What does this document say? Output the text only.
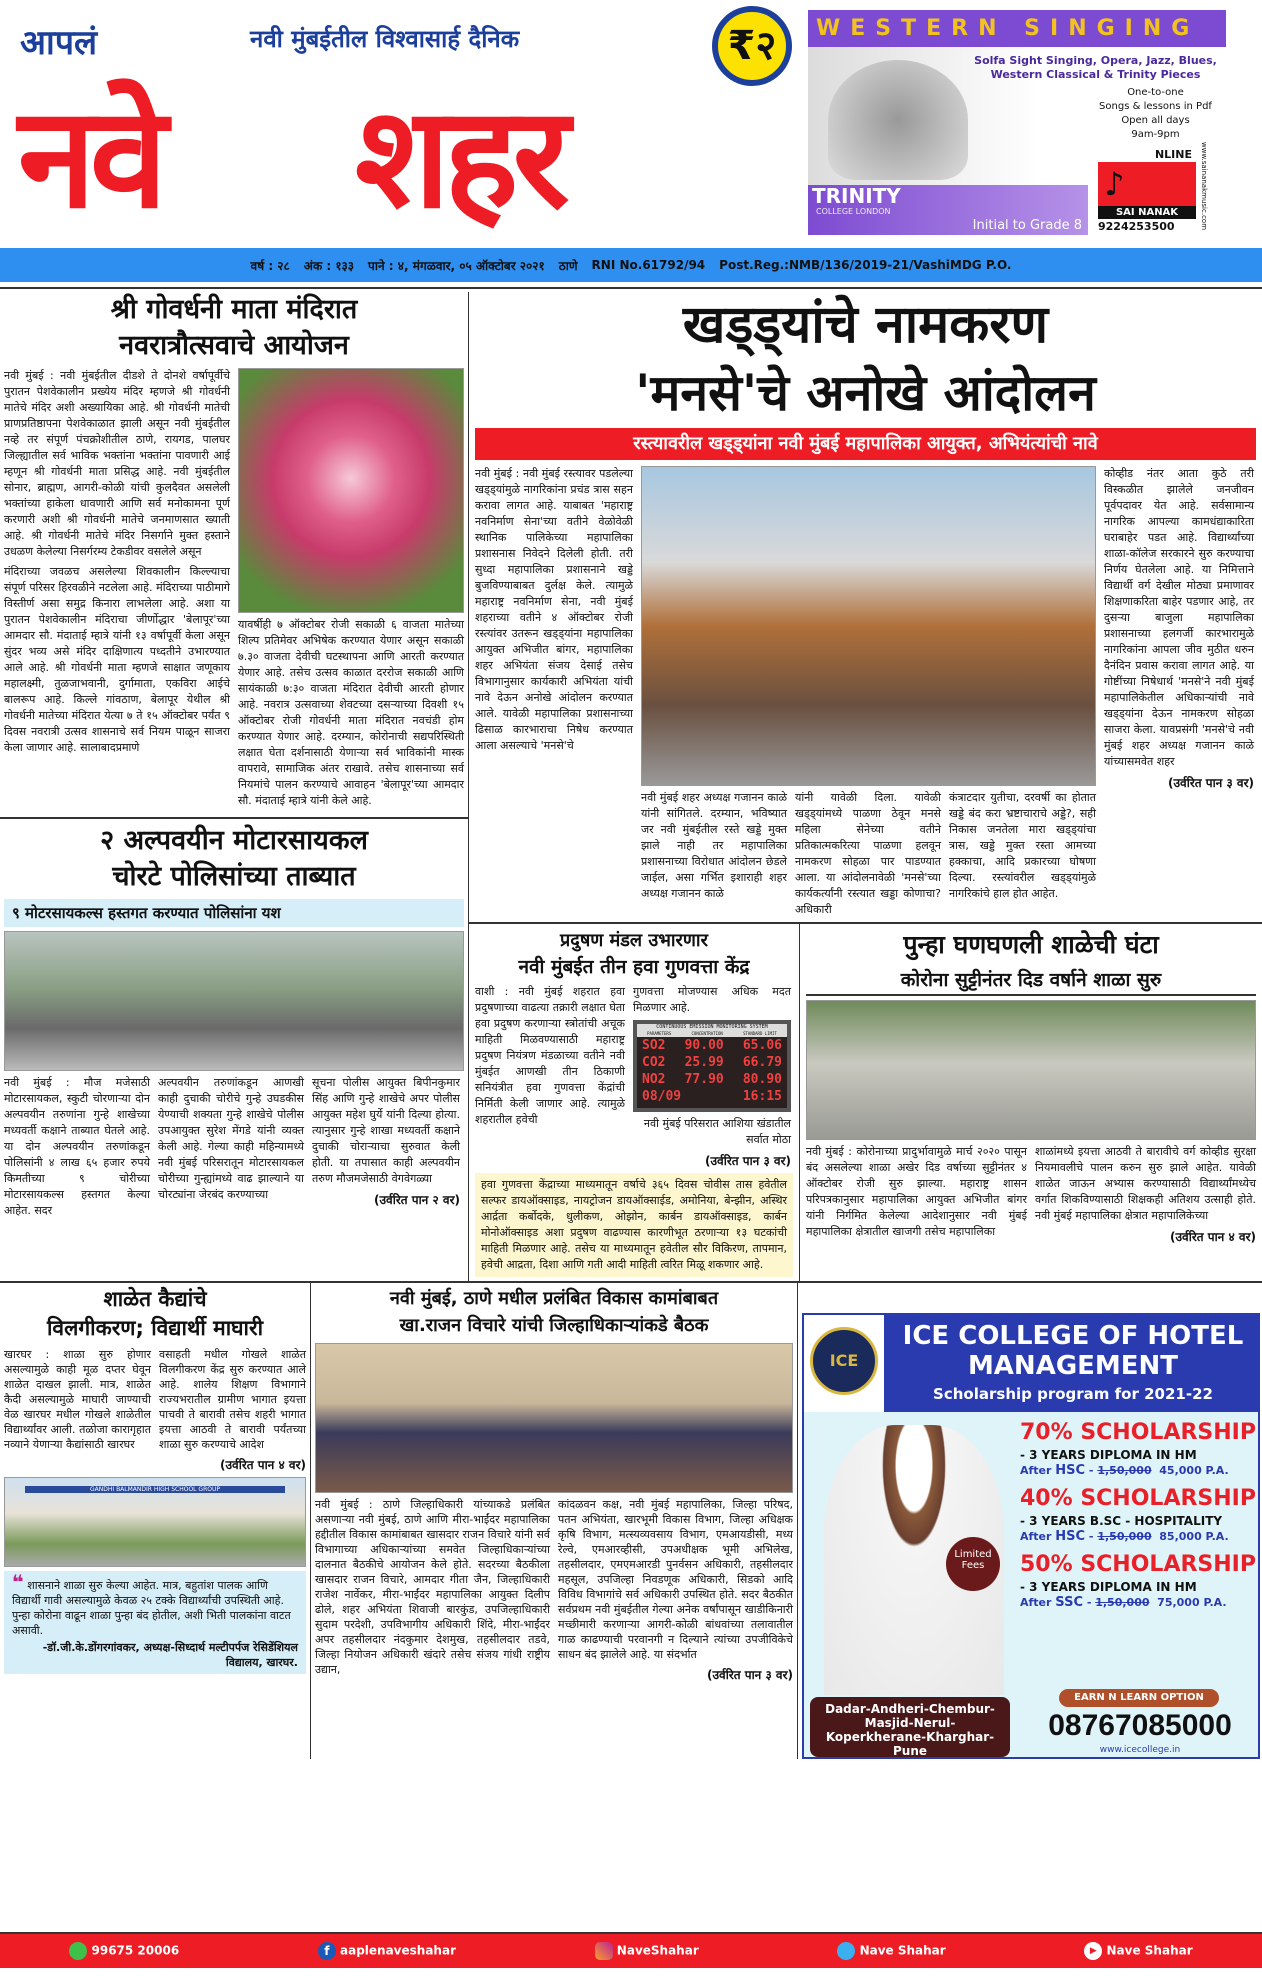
आपलं	नवी मुंबईतील विश्वासार्ह दैनिक	₹२
नवे शहर
WESTERN SINGING
Solfa Sight Singing, Opera, Jazz, Blues,
Western Classical & Trinity Pieces
One-to-one
Songs & lessons in Pdf
Open all days
9am-9pm
TRINITY
COLLEGE LONDON
Initial to Grade 8
NLINE
♪
SAI NANAK
9224253500	www.sainanakmusic.com
वर्ष : २८ अंक : १३३ पाने : ४, मंगळवार, ०५ ऑक्टोबर २०२१ ठाणे RNI No.61792/94 Post.Reg.:NMB/136/2019-21/VashiMDG P.O.
श्री गोवर्धनी माता मंदिरात
नवरात्रौत्सवाचे आयोजन
नवी मुंबई : नवी मुंबईतील दीडशे ते दोनशे वर्षापूर्वीचे पुरातन पेशवेकालीन प्रख्येय मंदिर म्हणजे श्री गोवर्धनी मातेचे मंदिर अशी अख्यायिका आहे. श्री गोवर्धनी मातेची प्राणप्रतिष्ठापना पेशवेकाळात झाली असून नवी मुंबईतील नव्हे तर संपूर्ण पंचक्रोशीतील ठाणे, रायगड, पालघर जिल्ह्यातील सर्व भाविक भक्तांना भक्तांना पावणारी आई म्हणून श्री गोवर्धनी माता प्रसिद्ध आहे. नवी मुंबईतील सोनार, ब्राह्मण, आगरी-कोळी यांची कुलदैवत असलेली भक्तांच्या हाकेला धावणारी आणि सर्व मनोकामना पूर्ण करणारी अशी श्री गोवर्धनी मातेचे जनमाणसात ख्याती आहे. श्री गोवर्धनी मातेचे मंदिर निसर्गाने मुक्त हस्ताने उधळण केलेल्या निसर्गरम्य टेकडीवर वसलेले असून
मंदिराच्या जवळच असलेल्या शिवकालीन किल्ल्याचा संपूर्ण परिसर हिरवळीने नटलेला आहे. मंदिराच्या पाठीमागे विस्तीर्ण असा समुद्र किनारा लाभलेला आहे. अशा या पुरातन पेशवेकालीन मंदिराचा जीर्णोद्धार 'बेलापूर'च्या आमदार सौ. मंदाताई म्हात्रे यांनी १३ वर्षापूर्वी केला असून सुंदर भव्य असे मंदिर दाक्षिणात्य पध्दतीने उभारण्यात आले आहे. श्री गोवर्धनी माता म्हणजे साक्षात जणूकाय महालक्ष्मी, तुळजाभवानी, दुर्गामाता, एकविरा आईचे बालरूप आहे. किल्ले गांवठाण, बेलापूर येथील श्री गोवर्धनी मातेच्या मंदिरात येत्या ७ ते १५ ऑक्टोबर पर्यंत ९ दिवस नवरात्री उत्सव शासनाचे सर्व नियम पाळून साजरा केला जाणार आहे. सालाबादप्रमाणे
यावर्षीही ७ ऑक्टोबर रोजी सकाळी ६ वाजता मातेच्या शिल्प प्रतिमेवर अभिषेक करण्यात येणार असून सकाळी ७.३० वाजता देवीची घटस्थापना आणि आरती करण्यात येणार आहे. तसेच उत्सव काळात दररोज सकाळी आणि सायंकाळी ७:३० वाजता मंदिरात देवीची आरती होणार आहे. नवरात्र उत्सवाच्या शेवटच्या दसऱ्याच्या दिवशी १५ ऑक्टोबर रोजी गोवर्धनी माता मंदिरात नवचंडी होम करण्यात येणार आहे. दरम्यान, कोरोनाची सद्यपरिस्थिती लक्षात घेता दर्शनासाठी येणाऱ्या सर्व भाविकांनी मास्क वापरावे, सामाजिक अंतर राखावे. तसेच शासनाच्या सर्व नियमांचे पालन करण्याचे आवाहन 'बेलापूर'च्या आमदार सौ. मंदाताई म्हात्रे यांनी केले आहे.
२ अल्पवयीन मोटारसायकल
चोरटे पोलिसांच्या ताब्यात
९ मोटरसायकल्स हस्तगत करण्यात पोलिसांना यश
नवी मुंबई : मौज मजेसाठी मोटारसायकल, स्कुटी चोरणाऱ्या दोन अल्पवयीन तरुणांना गुन्हे शाखेच्या मध्यवर्ती कक्षाने ताब्यात घेतले आहे. या दोन अल्पवयीन तरुणांकडून पोलिसांनी ४ लाख ६५ हजार रुपये किमतीच्या ९ चोरीच्या मोटारसायकल्स हस्तगत केल्या आहेत. सदर
अल्पवयीन तरुणांकडून आणखी काही दुचाकी चोरीचे गुन्हे उघडकीस येण्याची शक्यता गुन्हे शाखेचे पोलीस उपआयुक्त सुरेश मेंगडे यांनी व्यक्त केली आहे. गेल्या काही महिन्यामध्ये नवी मुंबई परिसरातून मोटारसायकल चोरीच्या गुन्ह्यांमध्ये वाढ झाल्याने या चोरट्यांना जेरबंद करण्याच्या
सूचना पोलीस आयुक्त बिपीनकुमार सिंह आणि गुन्हे शाखेचे अपर पोलीस आयुक्त महेश घुर्ये यांनी दिल्या होत्या. त्यानुसार गुन्हे शाखा मध्यवर्ती कक्षाने दुचाकी चोराऱ्याचा सुरुवात केली होती. या तपासात काही अल्पवयीन तरुण मौजमजेसाठी वेगवेगळ्या
(उर्वरित पान २ वर)
खड्ड्यांचे नामकरण
'मनसे'चे अनोखे आंदोलन
रस्त्यावरील खड्ड्यांना नवी मुंबई महापालिका आयुक्त, अभियंत्यांची नावे
नवी मुंबई : नवी मुंबई रस्त्यावर पडलेल्या खड्ड्यांमुळे नागरिकांना प्रचंड त्रास सहन करावा लागत आहे. याबाबत 'महाराष्ट्र नवनिर्माण सेना'च्या वतीने वेळोवेळी स्थानिक पालिकेच्या महापालिका प्रशासनास निवेदने दिलेली होती. तरी सुध्दा महापालिका प्रशासनाने खड्डे बुजविण्याबाबत दुर्लक्ष केले. त्यामुळे महाराष्ट्र नवनिर्माण सेना, नवी मुंबई शहराच्या वतीने ४ ऑक्टोबर रोजी रस्त्यांवर उतरून खड्ड्यांना महापालिका आयुक्त अभिजीत बांगर, महापालिका शहर अभियंता संजय देसाई तसेच विभागानुसार कार्यकारी अभियंता यांची नावे देऊन अनोखे आंदोलन करण्यात आले. यावेळी महापालिका प्रशासनाच्या ढिसाळ कारभाराचा निषेध करण्यात आला असल्याचे 'मनसे'चे
नवी मुंबई शहर अध्यक्ष गजानन काळे यांनी सांगितले. दरम्यान, भविष्यात जर नवी मुंबईतील रस्ते खड्डे मुक्त झाले नाही तर महापालिका प्रशासनाच्या विरोधात आंदोलन छेडले जाईल, असा गर्भित इशाराही शहर अध्यक्ष गजानन काळे
यांनी यावेळी दिला. यावेळी खड्ड्यांमध्ये पाळणा ठेवून मनसे महिला सेनेच्या वतीने प्रतिकात्मकरित्या पाळणा हलवून नामकरण सोहळा पार पाडण्यात आला. या आंदोलनावेळी 'मनसे'च्या कार्यकर्त्यांनी रस्त्यात खड्डा कोणाचा? अधिकारी
कंत्राटदार युतीचा, दरवर्षी का होतात खड्डे बंद करा भ्रष्टाचाराचे अड्डे?, सही निकास जनतेला मारा खड्ड्यांचा त्रास, खड्डे मुक्त रस्ता आमच्या हक्काचा, आदि प्रकारच्या घोषणा दिल्या. रस्त्यांवरील खड्ड्यांमुळे नागरिकांचे हाल होत आहेत.
कोव्हीड नंतर आता कुठे तरी विस्कळीत झालेले जनजीवन पूर्वपदावर येत आहे. सर्वसामान्य नागरिक आपल्या कामधंद्याकारिता घराबाहेर पडत आहे. विद्यार्थ्यांच्या शाळा-कॉलेज सरकारने सुरु करण्याचा निर्णय घेतलेला आहे. या निमित्ताने विद्यार्थी वर्ग देखील मोठ्या प्रमाणावर शिक्षणाकरिता बाहेर पडणार आहे, तर दुसऱ्या बाजुला महापालिका प्रशासनाच्या हलगर्जी कारभारामुळे नागरिकांना आपला जीव मुठीत धरुन दैनंदिन प्रवास करावा लागत आहे. या गोष्टींच्या निषेधार्थ 'मनसे'ने नवी मुंबई महापालिकेतील अधिकाऱ्यांची नावे खड्ड्यांना देऊन नामकरण सोहळा साजरा केला. यावप्रसंगी 'मनसे'चे नवी मुंबई शहर अध्यक्ष गजानन काळे यांच्यासमवेत शहर
(उर्वरित पान ३ वर)
प्रदुषण मंडल उभारणार
नवी मुंबईत तीन हवा गुणवत्ता केंद्र
वाशी : नवी मुंबई शहरात हवा प्रदुषणाच्या वाढत्या तक्रारी लक्षात घेता हवा प्रदुषण करणाऱ्या स्त्रोतांची अचूक माहिती मिळवण्यासाठी महाराष्ट्र प्रदुषण नियंत्रण मंडळाच्या वतीने नवी मुंबईत आणखी तीन ठिकाणी सनियंत्रीत हवा गुणवत्ता केंद्रांची निर्मिती केली जाणार आहे. त्यामुळे शहरातील हवेची
गुणवत्ता मोजण्यास अधिक मदत मिळणार आहे.
CONTINUOUS EMISSION MONITORING SYSTEM
PARAMETERS	CONCENTRATION	STANDARD LIMIT
SO2 90.00 65.06
CO2 25.99 66.79
NO2 77.90 80.90
08/09	16:15
नवी मुंबई परिसरात आशिया खंडातील सर्वात मोठा
(उर्वरित पान ३ वर)
हवा गुणवत्ता केंद्राच्या माध्यमातून वर्षाचे ३६५ दिवस चोवीस तास हवेतील सल्फर डायऑक्साइड, नायट्रोजन डायऑक्साईड, अमोनिया, बेन्झीन, अस्थिर आर्द्रता कर्बोदके, धुलीकण, ओझोन, कार्बन डायऑक्साइड, कार्बन मोनोऑक्साइड अशा प्रदुषण वाढण्यास कारणीभूत ठरणाऱ्या १३ घटकांची माहिती मिळणार आहे. तसेच या माध्यमातून हवेतील सौर विकिरण, तापमान, हवेची आद्रता, दिशा आणि गती आदी माहिती त्वरित मिळू शकणार आहे.
पुन्हा घणघणली शाळेची घंटा
कोरोना सुट्टीनंतर दिड वर्षाने शाळा सुरु
नवी मुंबई : कोरोनाच्या प्रादुर्भावामुळे मार्च २०२० पासून बंद असलेल्या शाळा अखेर दिड वर्षाच्या सुट्टीनंतर ४ ऑक्टोबर रोजी सुरु झाल्या. महाराष्ट्र शासन परिपत्रकानुसार महापालिका आयुक्त अभिजीत बांगर यांनी निर्गमित केलेल्या आदेशानुसार नवी मुंबई महापालिका क्षेत्रातील खाजगी तसेच महापालिका
शाळांमध्ये इयत्ता आठवी ते बारावीचे वर्ग कोव्हीड सुरक्षा नियमावलीचे पालन करुन सुरु झाले आहेत. यावेळी शाळेत जाऊन अभ्यास करण्यासाठी विद्यार्थ्यांमध्येच वर्गात शिकविण्यासाठी शिक्षकही अतिशय उत्साही होते. नवी मुंबई महापालिका क्षेत्रात महापालिकेच्या
(उर्वरित पान ४ वर)
शाळेत कैद्यांचे
विलगीकरण; विद्यार्थी माघारी
खारघर : शाळा सुरु होणार असल्यामुळे काही मूळ दप्तर घेवून शाळेत दाखल झाली. मात्र, शाळेत कैदी असल्यामुळे माघारी जाण्याची वेळ खारघर मधील गोखले शाळेतील विद्यार्थ्यांवर आली. तळोजा कारागृहात नव्याने येणाऱ्या कैद्यांसाठी खारघर
वसाहती मधील गोखले शाळेत विलगीकरण केंद्र सुरु करण्यात आले आहे. शालेय शिक्षण विभागाने राज्यभरातील ग्रामीण भागात इयत्ता पाचवी ते बारावी तसेच शहरी भागात इयत्ता आठवी ते बारावी पर्यंतच्या शाळा सुरु करण्याचे आदेश
(उर्वरित पान ४ वर)
GANDHI BALMANDIR HIGH SCHOOL GROUP
❝ शासनाने शाळा सुरु केल्या आहेत. मात्र, बहुतांश पालक आणि विद्यार्थी गावी असल्यामुळे केवळ २५ टक्के विद्यार्थ्यांची उपस्थिती आहे. पुन्हा कोरोना वाढून शाळा पुन्हा बंद होतील, अशी भिती पालकांना वाटत असावी.
-डॉ.जी.के.डोंगरगांवकर, अध्यक्ष-सिध्दार्थ मल्टीपर्पज रेसिडेंशियल विद्यालय, खारघर.
नवी मुंबई, ठाणे मधील प्रलंबित विकास कामांबाबत
खा.राजन विचारे यांची जिल्हाधिकाऱ्यांकडे बैठक
नवी मुंबई : ठाणे जिल्हाधिकारी यांच्याकडे प्रलंबित असणाऱ्या नवी मुंबई, ठाणे आणि मीरा-भाईंदर महापालिका हद्दीतील विकास कामांबाबत खासदार राजन विचारे यांनी सर्व विभागाच्या अधिकाऱ्यांच्या समवेत जिल्हाधिकाऱ्यांच्या दालनात बैठकीचे आयोजन केले होते. सदरच्या बैठकीला खासदार राजन विचारे, आमदार गीता जैन, जिल्हाधिकारी राजेश नार्वेकर, मीरा-भाईंदर महापालिका आयुक्त दिलीप ढोले, शहर अभियंता शिवाजी बारकुंड, उपजिल्हाधिकारी सुदाम परदेशी, उपविभागीय अधिकारी शिंदे, मीरा-भाईंदर अपर तहसीलदार नंदकुमार देशमुख, तहसीलदार तडवे, जिल्हा नियोजन अधिकारी खंदारे तसेच संजय गांधी राष्ट्रीय उद्यान,
कांदळवन कक्ष, नवी मुंबई महापालिका, जिल्हा परिषद, पतन अभियंता, खारभूमी विकास विभाग, जिल्हा अधिक्षक कृषि विभाग, मत्स्यव्यवसाय विभाग, एमआयडीसी, मध्य रेल्वे, एमआरव्हीसी, उपअधीक्षक भूमी अभिलेख, तहसीलदार, एमएमआरडी पुनर्वसन अधिकारी, तहसीलदार महसूल, उपजिल्हा निवडणूक अधिकारी, सिडको आदि विविध विभागांचे सर्व अधिकारी उपस्थित होते. सदर बैठकीत सर्वप्रथम नवी मुंबईतील गेल्या अनेक वर्षांपासून खाडीकिनारी मच्छीमारी करणाऱ्या आगरी-कोळी बांधवांच्या तलावातील गाळ काढण्याची परवानगी न दिल्याने त्यांच्या उपजीविकेचे साधन बंद झालेले आहे. या संदर्भात
(उर्वरित पान ३ वर)
ICE
ICE COLLEGE OF HOTEL MANAGEMENT
Scholarship program for 2021-22
Limited Fees
70% SCHOLARSHIP
- 3 YEARS DIPLOMA IN HM
After HSC - 1,50,000 45,000 P.A.
40% SCHOLARSHIP
- 3 YEARS B.SC - HOSPITALITY
After HSC - 1,50,000 85,000 P.A.
50% SCHOLARSHIP
- 3 YEARS DIPLOMA IN HM
After SSC - 1,50,000 75,000 P.A.
EARN N LEARN OPTION
08767085000
www.icecollege.in
Dadar-Andheri-Chembur-Masjid-Nerul-Koperkherane-Kharghar-Pune
99675 20006	f aaplenaveshahar	NaveShahar	Nave Shahar	▶ Nave Shahar
